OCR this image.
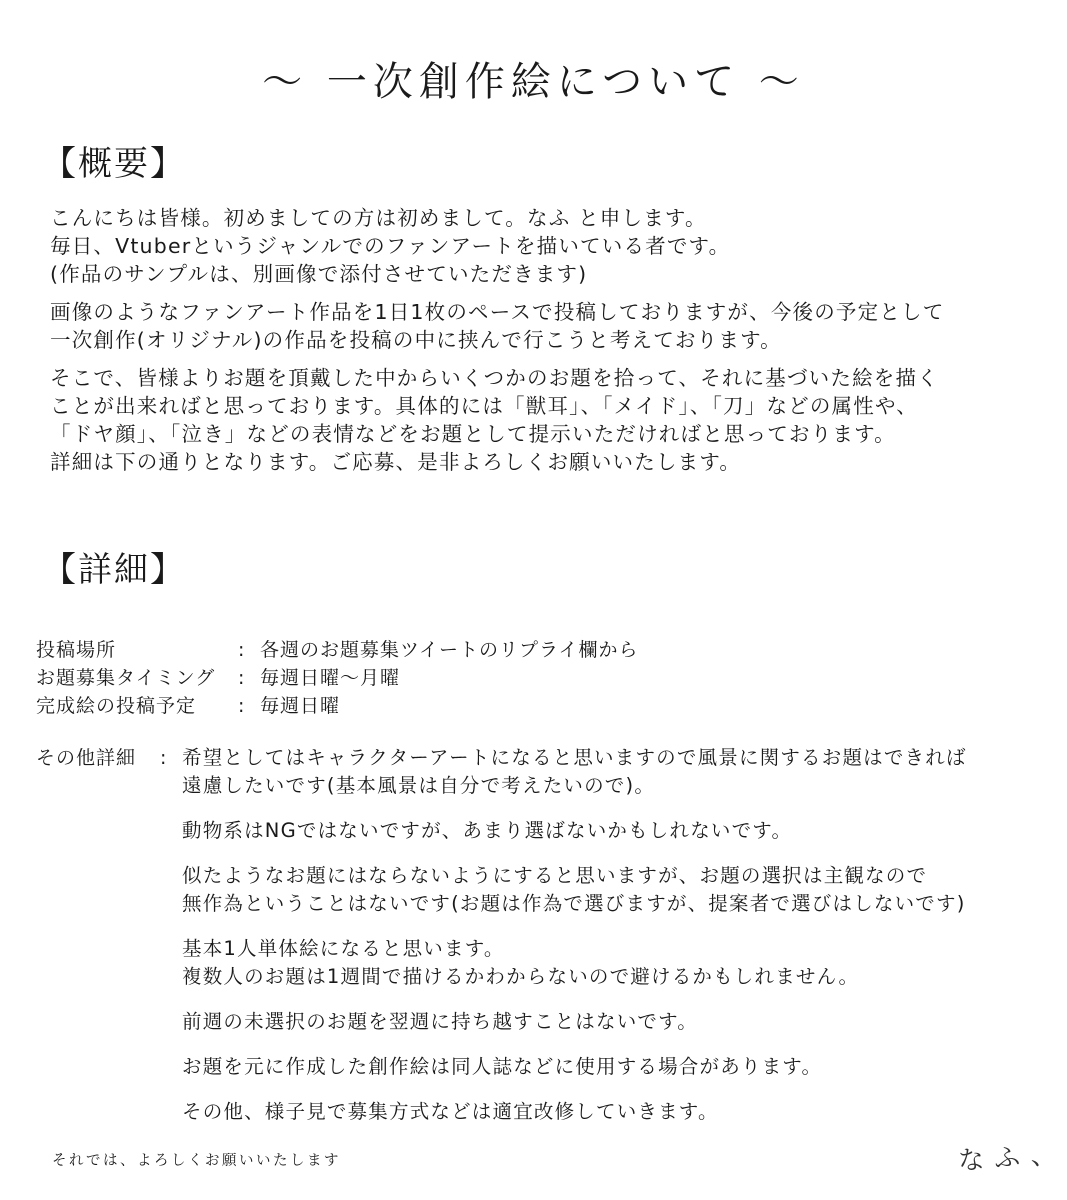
〜 一次創作絵について 〜
【概要】

こんにちは皆様。初めましての方は初めまして。なふ と申します。
毎日、Vtuberというジャンルでのファンアートを描いている者です。
(作品のサンプルは、別画像で添付させていただきます)

画像のようなファンアート作品を1日1枚のペースで投稿しておりますが、今後の予定として
一次創作(オリジナル)の作品を投稿の中に挟んで行こうと考えております。

そこで、皆様よりお題を頂戴した中からいくつかのお題を拾って、それに基づいた絵を描く
ことが出来ればと思っております。具体的には「獣耳」、「メイド」、「刀」などの属性や、
「ドヤ顔」、「泣き」などの表情などをお題として提示いただければと思っております。
詳細は下の通りとなります。ご応募、是非よろしくお願いいたします。

【詳細】
投稿場所	: 各週のお題募集ツイートのリプライ欄から
お題募集タイミング : 毎週日曜〜月曜
完成絵の投稿予定 : 毎週日曜
その他詳細 : 希望としてはキャラクターアートになると思いますので風景に関するお題はできれば
遠慮したいです(基本風景は自分で考えたいので)。

動物系はNGではないですが、あまり選ばないかもしれないです。

似たようなお題にはならないようにすると思いますが、お題の選択は主観なので
無作為ということはないです(お題は作為で選びますが、提案者で選びはしないです)

基本1人単体絵になると思います。
複数人のお題は1週間で描けるかわからないので避けるかもしれません。

前週の未選択のお題を翌週に持ち越すことはないです。

お題を元に作成した創作絵は同人誌などに使用する場合があります。

その他、様子見で募集方式などは適宜改修していきます。

それでは、よろしくお願いいたします	なふ、
